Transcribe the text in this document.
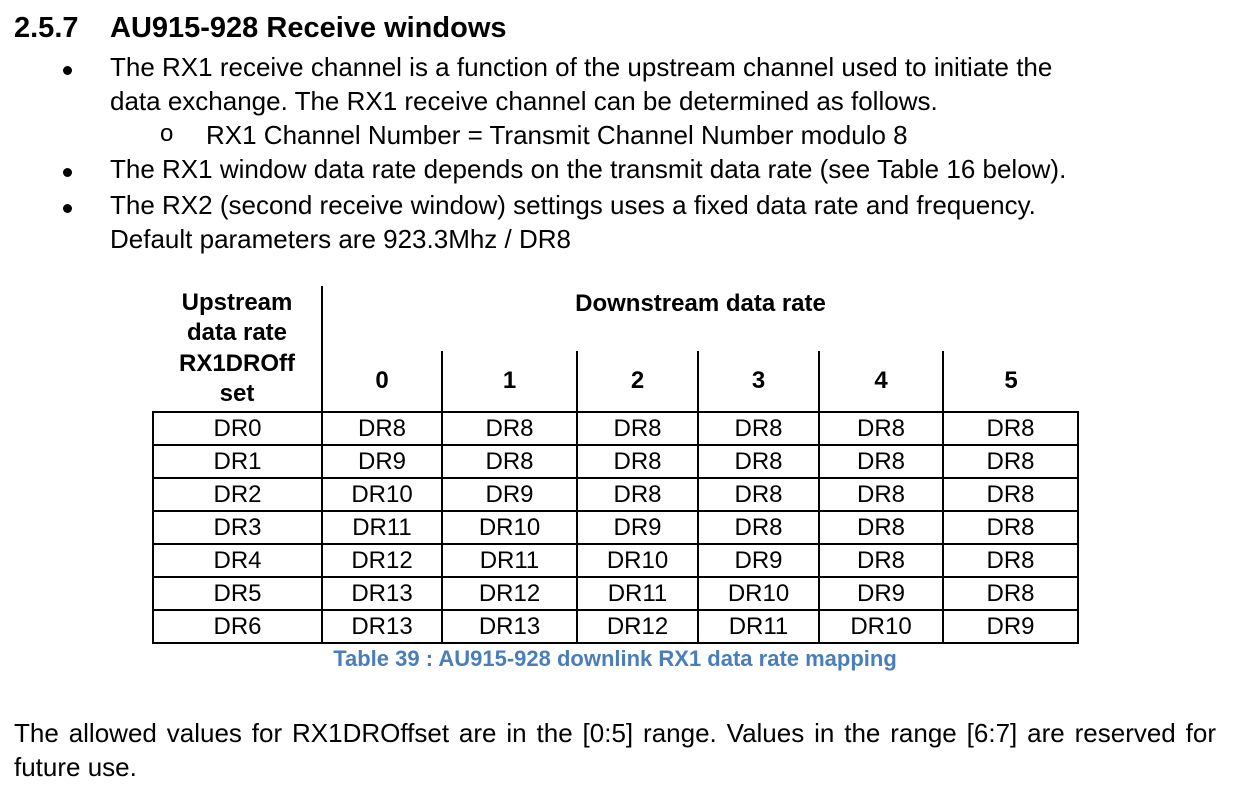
2.5.7 AU915-928 Receive windows
The RX1 receive channel is a function of the upstream channel used to initiate the
data exchange. The RX1 receive channel can be determined as follows.
o RX1 Channel Number = Transmit Channel Number modulo 8
The RX1 window data rate depends on the transmit data rate (see Table 16 below).
The RX2 (second receive window) settings uses a fixed data rate and frequency.
Default parameters are 923.3Mhz / DR8
Upstream
data rate
RX1DROff
set	Downstream data rate					
	0	1	2	3	4	5
DR0	DR8	DR8	DR8	DR8	DR8	DR8
DR1	DR9	DR8	DR8	DR8	DR8	DR8
DR2	DR10	DR9	DR8	DR8	DR8	DR8
DR3	DR11	DR10	DR9	DR8	DR8	DR8
DR4	DR12	DR11	DR10	DR9	DR8	DR8
DR5	DR13	DR12	DR11	DR10	DR9	DR8
DR6	DR13	DR13	DR12	DR11	DR10	DR9
Table 39 : AU915-928 downlink RX1 data rate mapping
The allowed values for RX1DROffset are in the [0:5] range. Values in the range [6:7] are reserved for future use.
